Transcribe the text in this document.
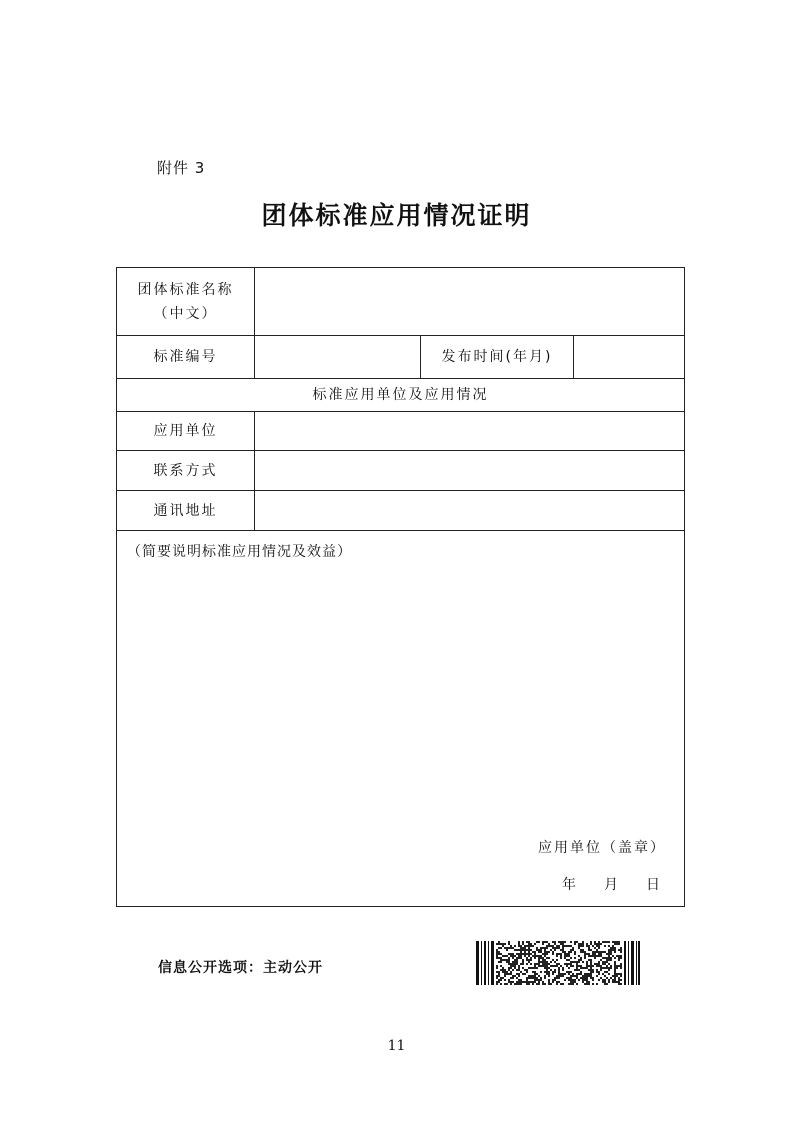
附件 3
团体标准应用情况证明
团体标准名称
（中文）			

标准编号		发布时间(年月)	
标准应用单位及应用情况			
应用单位			
联系方式			
通讯地址			

（简要说明标准应用情况及效益）
应用单位（盖章）
年 月 日			
信息公开选项：主动公开
11
